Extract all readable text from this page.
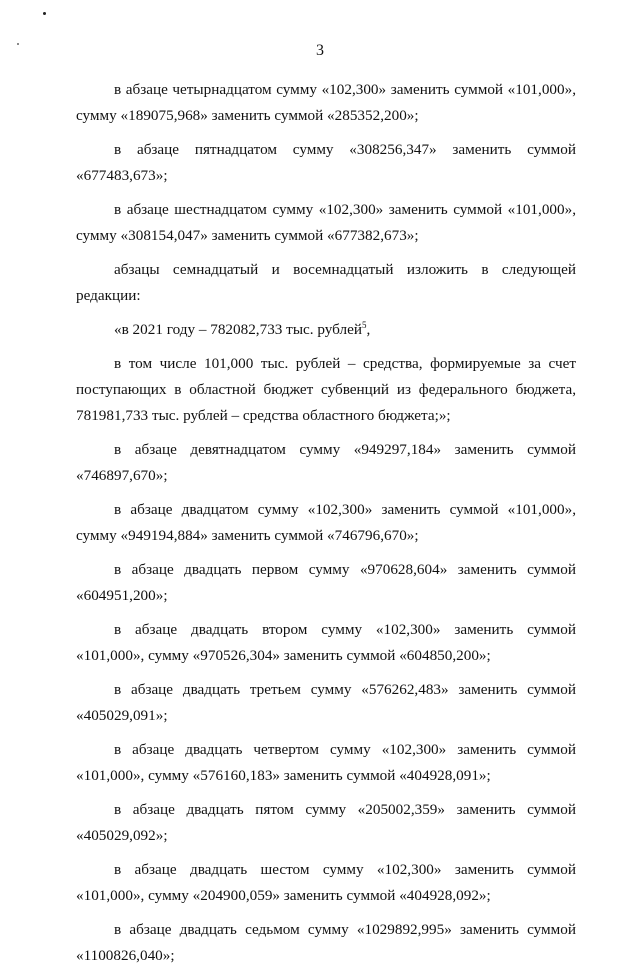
3

в абзаце четырнадцатом сумму «102,300» заменить суммой «101,000», сумму «189075,968» заменить суммой «285352,200»;

в абзаце пятнадцатом сумму «308256,347» заменить суммой «677483,673»;

в абзаце шестнадцатом сумму «102,300» заменить суммой «101,000», сумму «308154,047» заменить суммой «677382,673»;

абзацы семнадцатый и восемнадцатый изложить в следующей редакции:

«в 2021 году – 782082,733 тыс. рублей$^5$,

в том числе 101,000 тыс. рублей – средства, формируемые за счет поступающих в областной бюджет субвенций из федерального бюджета, 781981,733 тыс. рублей – средства областного бюджета;»;

в абзаце девятнадцатом сумму «949297,184» заменить суммой «746897,670»;

в абзаце двадцатом сумму «102,300» заменить суммой «101,000», сумму «949194,884» заменить суммой «746796,670»;

в абзаце двадцать первом сумму «970628,604» заменить суммой «604951,200»;

в абзаце двадцать втором сумму «102,300» заменить суммой «101,000», сумму «970526,304» заменить суммой «604850,200»;

в абзаце двадцать третьем сумму «576262,483» заменить суммой «405029,091»;

в абзаце двадцать четвертом сумму «102,300» заменить суммой «101,000», сумму «576160,183» заменить суммой «404928,091»;

в абзаце двадцать пятом сумму «205002,359» заменить суммой «405029,092»;

в абзаце двадцать шестом сумму «102,300» заменить суммой «101,000», сумму «204900,059» заменить суммой «404928,092»;

в абзаце двадцать седьмом сумму «1029892,995» заменить суммой «1100826,040»;
